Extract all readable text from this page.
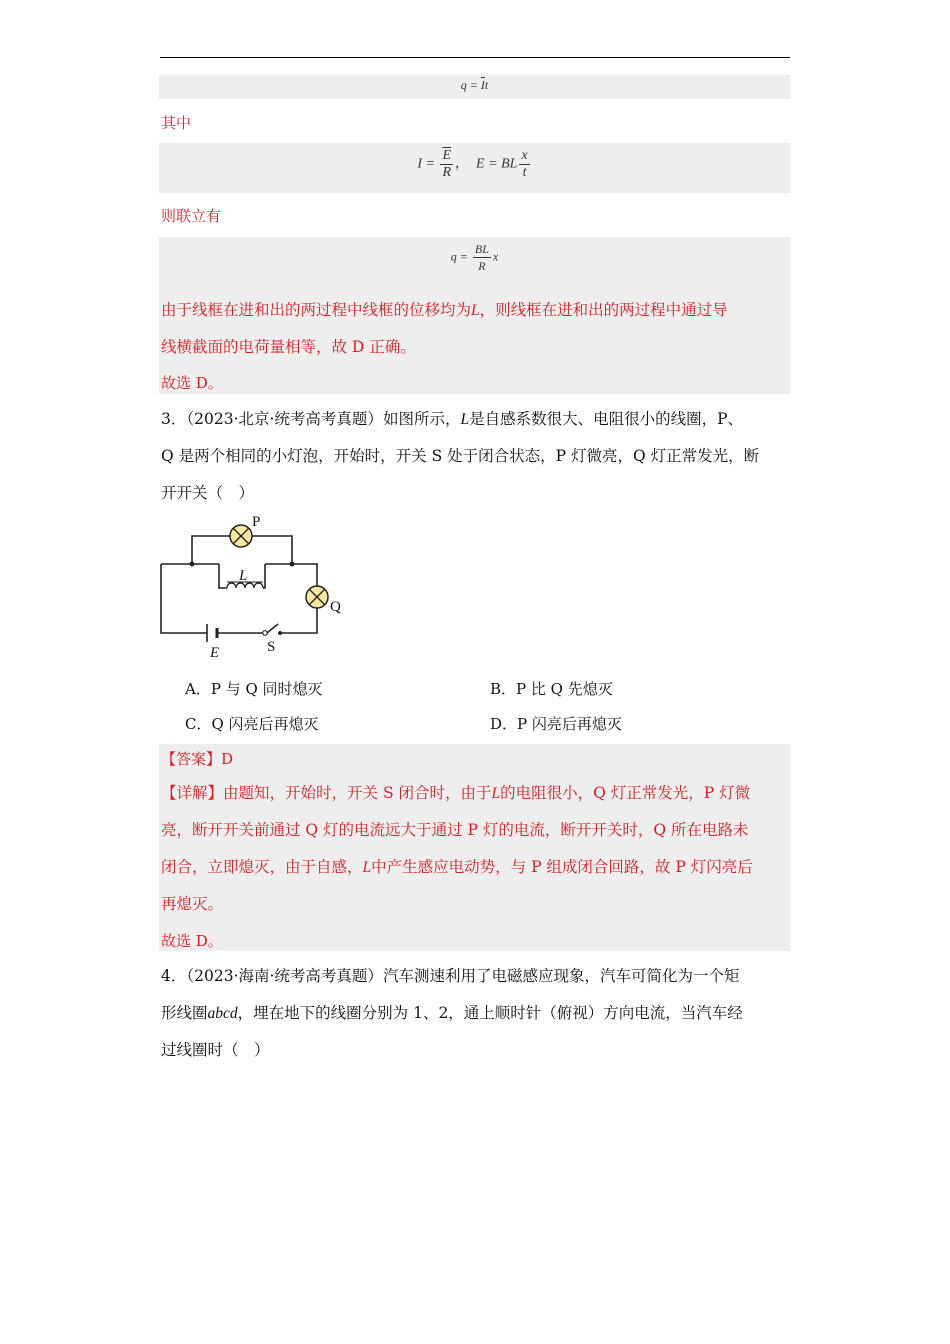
$q = \overline{I}t$
其中
$I = \frac{\overline{E}}{R}$ ， E = BL $\frac{x}{t}$
则联立有
$q = \frac{BL}{R}$ x
由于线框在进和出的两过程中线框的位移均为L，则线框在进和出的两过程中通过导
线横截面的电荷量相等，故 D 正确。
故选 D。
3．（2023·北京·统考高考真题）如图所示，L是自感系数很大、电阻很小的线圈，P、
Q 是两个相同的小灯泡，开始时，开关 S 处于闭合状态，P 灯微亮，Q 灯正常发光，断
开开关（　）
P
L
Q
E	S
A．P 与 Q 同时熄灭	B．P 比 Q 先熄灭
C．Q 闪亮后再熄灭	D．P 闪亮后再熄灭
【答案】D
【详解】由题知，开始时，开关 S 闭合时，由于L的电阻很小，Q 灯正常发光，P 灯微
亮，断开开关前通过 Q 灯的电流远大于通过 P 灯的电流，断开开关时，Q 所在电路未
闭合，立即熄灭，由于自感，L中产生感应电动势，与 P 组成闭合回路，故 P 灯闪亮后
再熄灭。
故选 D。
4．（2023·海南·统考高考真题）汽车测速利用了电磁感应现象，汽车可简化为一个矩
形线圈abcd，埋在地下的线圈分别为 1、2，通上顺时针（俯视）方向电流，当汽车经
过线圈时（　）
